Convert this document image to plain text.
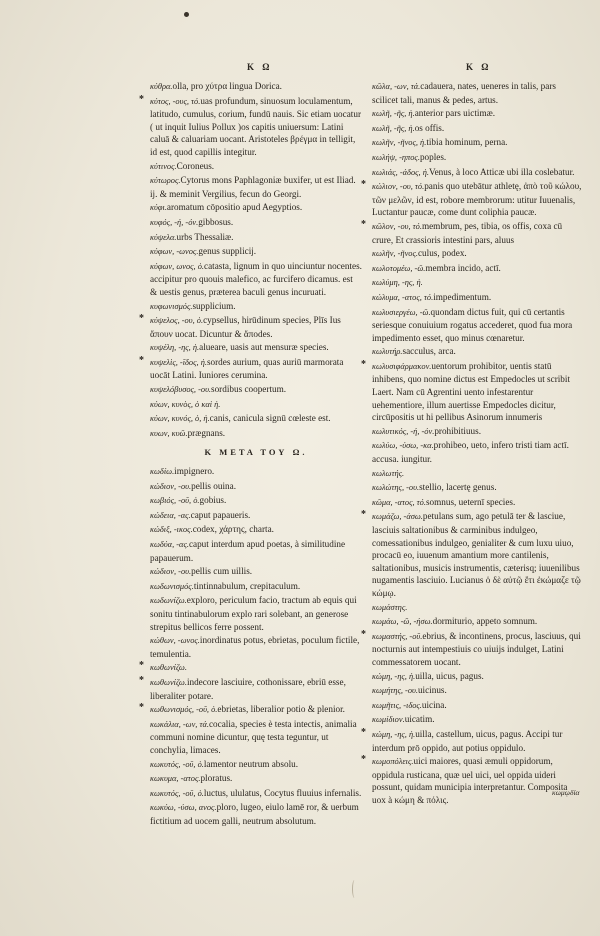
Κ Ω	Κ Ω
κύθρα.olla, pro χύτρα lingua Dorica.
* κύτος, -ους, τό.uas profundum, sinuosum loculamentum, latitudo, cumulus, corium, fundū nauis. Sic etiam uocatur ( ut inquit Iulius Pollux )os capitis uniuersum: Latini caluā & caluariam uocant. Aristoteles βρέγμα in telligit, id est, quod capillis integitur.
κύτινος.Coroneus.
κύτωρος.Cytorus mons Paphlagoniæ buxifer, ut est Iliad. ij. & meminit Vergilius, fecun do Georgi.
κύφι.aromatum cōpositio apud Aegyptios.
κυφός, -ή, -όν.gibbosus.
κύψελα.urbs Thessaliæ.
κύφων, -ωνος.genus supplicij.
κύφων, ωνος, ὁ.catasta, lignum in quo uinciuntur nocentes. accipitur pro quouis malefico, ac furcifero dicamus. est & uestis genus, præterea baculi genus incuruati.
κυφωνισμός.supplicium.
* κύψελος, -ου, ὁ.cypsellus, hirūdinum species, Plīs Ius ἄπουν uocat. Dicuntur & ἄπodes.
κυψέλη, -ης, ἡ.alueare, uasis aut mensuræ species.
* κυψελὶς, -ῖδος, ἡ.sordes aurium, quas auriū marmorata uocāt Latini. Iuniores cerumina.
κυψελόβυσος, -ου.sordibus coopertum.
κύων, κυνὸς, ὁ καὶ ἡ.
κύων, κυνός, ὁ, ἡ.canis, canicula signū cœleste est.
κυων, κυῶ.prægnans.
Κ ΜΕΤΑ ΤΟΥ Ω.
κωδίω.impignero.
κώδιον, -ου.pellis ouina.
κωβιός, -οῦ, ὁ.gobius.
κώδεια, -ας.caput papaueris.
κώδιξ, -ικος.codex, χάρτης, charta.
κωδύα, -ας.caput interdum apud poetas, à similitudine papauerum.
κώδιον, -ου.pellis cum uillis.
κωδωνισμός.tintinnabulum, crepitaculum.
κωδωνίζω.exploro, periculum facio, tractum ab equis qui sonitu tintinabulorum explo rari solebant, an generose strepitus bellicos ferre possent.
κώθων, -ωνος.inordinatus potus, ebrietas, poculum fictile, temulentia.
* κωθωνίζω.
* κωθωνίζω.indecore lasciuire, cothonissare, ebriū esse, liberaliter potare.
* κωθωνισμός, -οῦ, ὁ.ebrietas, liberalior potio & plenior.
κωκάλια, -ων, τά.cocalia, species è testa intectis, animalia communi nomine dicuntur, quę testa teguntur, ut conchylia, limaces.
κωκυτός, -οῦ, ὁ.lamentor neutrum absolu.
κωκυμα, -ατος.ploratus.
κωκυτός, -οῦ, ὁ.luctus, ululatus, Cocytus fluuius infernalis.
κωκύω, -ύσω, ανος.ploro, lugeo, eiulo lamē ror, & uerbum fictitium ad uocem galli, neutrum absolutum.
κῶλα, -ων, τά.cadauera, nates, ueneres in talis, pars scilicet tali, manus & pedes, artus.
κωλῆ, -ῆς, ἡ.anterior pars uictimæ.
κωλῆ, -ῆς, ἡ.os offis.
κωλῆν, -ῆνος, ἡ.tibia hominum, perna.
κωλήψ, -ηπος.poples.
κωλιάς, -άδος, ἡ.Venus, à loco Atticæ ubi illa coslebatur.
* κώλιον, -ου, τό.panis quo utebātur athletę, ἀπὸ τοῦ κώλου, τῶν μελῶν, id est, robore membrorum: utitur Iuuenalis, Luctantur paucæ, come dunt coliphia paucæ.
* κῶλον, -ου, τό.membrum, pes, tibia, os offis, coxa cū crure, Et crassioris intestini pars, aluus
κωλῆν, -ῆνος.culus, podex.
κωλοτομέω, -ῶ.membra incido, actī.
κωλύμη, -ης, ἡ.
κώλυμα, -ατος, τό.impedimentum.
κωλυσιεργέω, -ῶ.quondam dictus fuit, qui cū certantis seriesque conuiuium rogatus accederet, quod fua mora impedimento esset, quo minus cœnaretur.
κωλυτήρ.sacculus, arca.
* κωλυσιφάρμακον.uentorum prohibitor, uentis statū inhibens, quo nomine dictus est Empedocles ut scribit Laert. Nam cū Agrentini uento infestarentur uehementiore, illum auertisse Empedocles dicitur, circūpositis ut hi pellibus Asinorum innumeris
κωλυτικός, -ή, -όν.prohibitiuus.
κωλύω, -ύσω, -κα.prohibeo, ueto, infero tristi tiam actī. accusa. iungitur.
κωλωτής.
κωλώτης, -ου.stellio, lacertę genus.
κῶμα, -ατος, τό.somnus, ueternī species.
* κωμάζω, -άσω.petulans sum, ago petulā ter & lasciue, lasciuis saltationibus & carminibus indulgeo, comessationibus indulgeo, genialiter & cum luxu uiuo, procacū eo, iuuenum amantium more cantilenis, saltationibus, musicis instrumentis, cæterisq; iuuenilibus nugamentis lasciuio. Lucianus ὁ δὲ αὐτῷ ἔτι ἐκώμαζε τῷ κώμῳ.
κωμάστης.
κωμάω, -ῶ, -ήσω.dormiturio, appeto somnum.
* κωμαστής, -οῦ.ebrius, & incontinens, procus, lasciuus, qui nocturnis aut intempestiuis co uiuijs indulget, Latini commessatorem uocant.
κώμη, -ης, ἡ.uilla, uicus, pagus.
κωμήτης, -ου.uicinus.
κωμῆτις, -ιδος.uicina.
κωμίδιον.uicatim.
* κώμη, -ης, ἡ.uilla, castellum, uicus, pagus. Accipi tur interdum prō oppido, aut potius oppidulo.
* κωμοπόλεις.uici maiores, quasi æmuli oppidorum, oppidula rusticana, quæ uel uici, uel oppida uideri possunt, quidam municipia interpretantur. Composita uox à κώμη & πόλις.
κωμῳδία
